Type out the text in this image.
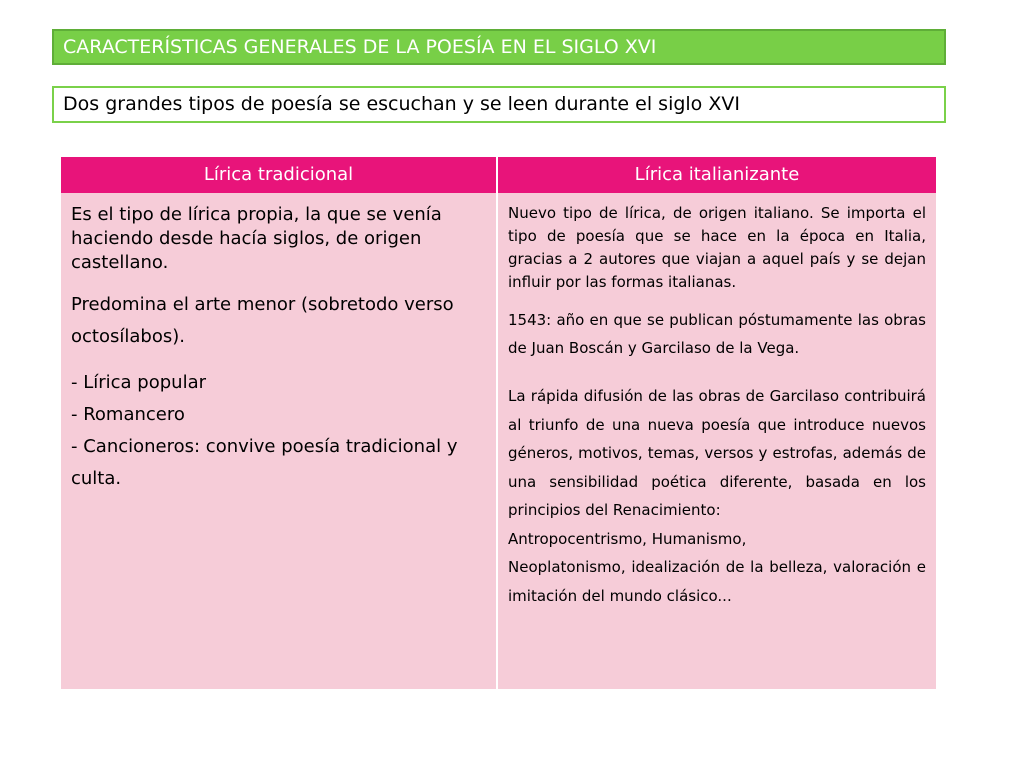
CARACTERÍSTICAS GENERALES DE LA POESÍA EN EL SIGLO XVI
Dos grandes tipos de poesía se escuchan y se leen durante el siglo XVI
Lírica tradicional	Lírica italianizante

Es el tipo de lírica propia, la que se venía haciendo desde hacía siglos, de origen castellano.

Predomina el arte menor (sobretodo verso octosílabos).

- Lírica popular
- Romancero
- Cancioneros: convive poesía tradicional y culta.

Nuevo tipo de lírica, de origen italiano. Se importa el tipo de poesía que se hace en la época en Italia, gracias a 2 autores que viajan a aquel país y se dejan influir por las formas italianas.

1543: año en que se publican póstumamente las obras de Juan Boscán y Garcilaso de la Vega.

La rápida difusión de las obras de Garcilaso contribuirá al triunfo de una nueva poesía que introduce nuevos géneros, motivos, temas, versos y estrofas, además de una sensibilidad poética diferente, basada en los principios del Renacimiento:
Antropocentrismo, Humanismo,
Neoplatonismo, idealización de la belleza, valoración e imitación del mundo clásico...
